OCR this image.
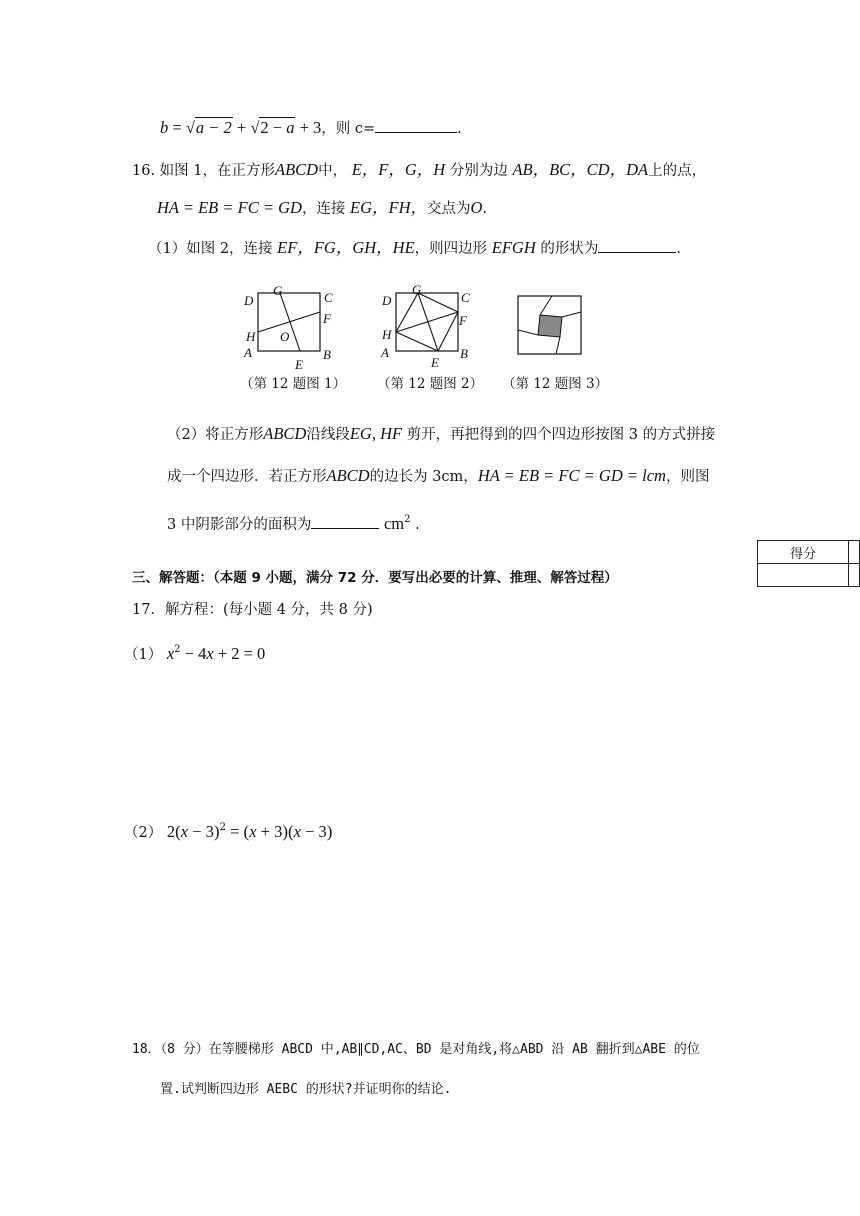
b = √a − 2 + √2 − a + 3，则 c=	.
16. 如图 1，在正方形ABCD中， E，F，G，H 分别为边 AB，BC，CD，DA上的点，
HA = EB = FC = GD，连接 EG，FH，交点为O.
（1）如图 2，连接 EF，FG，GH，HE，则四边形 EFGH 的形状为	.
D
G	C
F
H O
A
E
B
D
G
C
F
H
A
E
B
（第 12 题图 1） （第 12 题图 2） （第 12 题图 3）
（2）将正方形ABCD沿线段EG, HF 剪开，再把得到的四个四边形按图 3 的方式拼接
成一个四边形．若正方形ABCD的边长为 3cm，HA = EB = FC = GD = lcm，则图
3 中阴影部分的面积为	$cm^2$ .
三、解答题：（本题 9 小题，满分 72 分．要写出必要的计算、推理、解答过程）
得分	

17．解方程：(每小题 4 分，共 8 分)
（1） $x^2 - 4x + 2 = 0$
（2） $2(x - 3)^2 = (x + 3)(x - 3)$
18．（8 分）在等腰梯形 ABCD 中,AB∥CD,AC、BD 是对角线,将△ABD 沿 AB 翻折到△ABE 的位
置.试判断四边形 AEBC 的形状?并证明你的结论.
